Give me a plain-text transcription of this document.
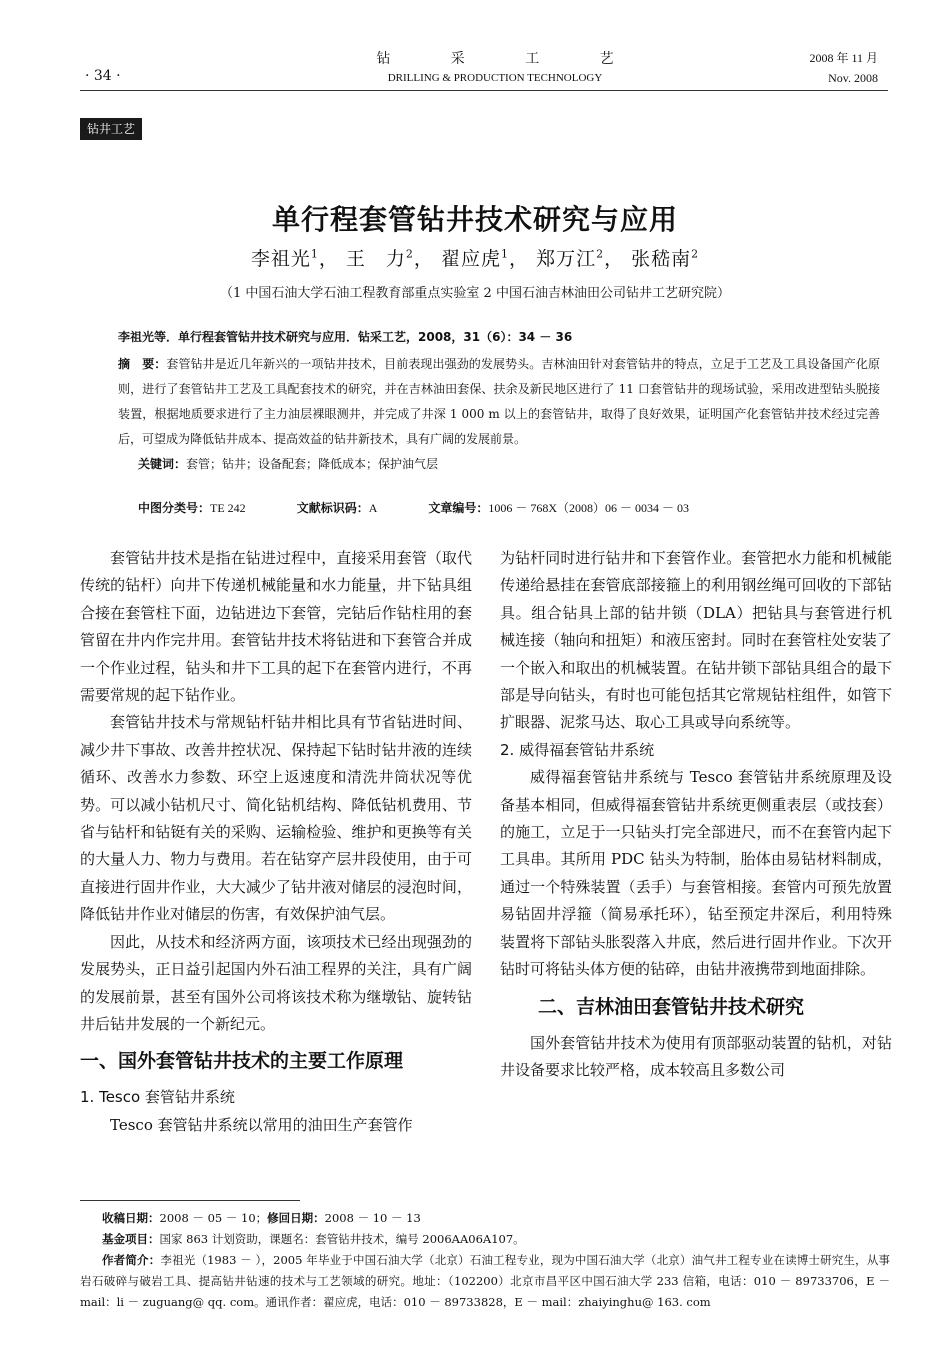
· 34 ·
钻 采 工 艺
DRILLING & PRODUCTION TECHNOLOGY
2008 年 11 月
Nov. 2008
钻井工艺
单行程套管钻井技术研究与应用
李祖光$^1$， 王　力$^2$， 翟应虎$^1$， 郑万江$^2$， 张嵇南$^2$
（1 中国石油大学石油工程教育部重点实验室 2 中国石油吉林油田公司钻井工艺研究院）
李祖光等．单行程套管钻井技术研究与应用．钻采工艺，2008，31（6）：34 － 36
摘　要：套管钻井是近几年新兴的一项钻井技术，目前表现出强劲的发展势头。吉林油田针对套管钻井的特点，立足于工艺及工具设备国产化原则，进行了套管钻井工艺及工具配套技术的研究，并在吉林油田套保、扶余及新民地区进行了 11 口套管钻井的现场试验，采用改进型钻头脱接装置，根据地质要求进行了主力油层裸眼测井，并完成了井深 1 000 m 以上的套管钻井，取得了良好效果，证明国产化套管钻井技术经过完善后，可望成为降低钻井成本、提高效益的钻井新技术，具有广阔的发展前景。
关键词：套管；钻井；设备配套；降低成本；保护油气层
中图分类号：TE 242	文献标识码：A	文章编号：1006 － 768X（2008）06 － 0034 － 03

套管钻井技术是指在钻进过程中，直接采用套管（取代传统的钻杆）向井下传递机械能量和水力能量，井下钻具组合接在套管柱下面，边钻进边下套管，完钻后作钻柱用的套管留在井内作完井用。套管钻井技术将钻进和下套管合并成一个作业过程，钻头和井下工具的起下在套管内进行，不再需要常规的起下钻作业。

套管钻井技术与常规钻杆钻井相比具有节省钻进时间、减少井下事故、改善井控状况、保持起下钻时钻井液的连续循环、改善水力参数、环空上返速度和清洗井筒状况等优势。可以减小钻机尺寸、简化钻机结构、降低钻机费用、节省与钻杆和钻铤有关的采购、运输检验、维护和更换等有关的大量人力、物力与费用。若在钻穿产层井段使用，由于可直接进行固井作业，大大减少了钻井液对储层的浸泡时间，降低钻井作业对储层的伤害，有效保护油气层。

因此，从技术和经济两方面，该项技术已经出现强劲的发展势头，正日益引起国内外石油工程界的关注，具有广阔的发展前景，甚至有国外公司将该技术称为继墩钻、旋转钻井后钻井发展的一个新纪元。

一、国外套管钻井技术的主要工作原理
1. Tesco 套管钻井系统

Tesco 套管钻井系统以常用的油田生产套管作

为钻杆同时进行钻井和下套管作业。套管把水力能和机械能传递给悬挂在套管底部接箍上的利用钢丝绳可回收的下部钻具。组合钻具上部的钻井锁（DLA）把钻具与套管进行机械连接（轴向和扭矩）和液压密封。同时在套管柱处安装了一个嵌入和取出的机械装置。在钻井锁下部钻具组合的最下部是导向钻头，有时也可能包括其它常规钻柱组件，如管下扩眼器、泥浆马达、取心工具或导向系统等。

2. 威得福套管钻井系统

威得福套管钻井系统与 Tesco 套管钻井系统原理及设备基本相同，但威得福套管钻井系统更侧重表层（或技套）的施工，立足于一只钻头打完全部进尺，而不在套管内起下工具串。其所用 PDC 钻头为特制，胎体由易钻材料制成，通过一个特殊装置（丢手）与套管相接。套管内可预先放置易钻固井浮箍（简易承托环），钻至预定井深后，利用特殊装置将下部钻头胀裂落入井底，然后进行固井作业。下次开钻时可将钻头体方便的钻碎，由钻井液携带到地面排除。

二、吉林油田套管钻井技术研究

国外套管钻井技术为使用有顶部驱动装置的钻机，对钻井设备要求比较严格，成本较高且多数公司

收稿日期：2008 － 05 － 10；修回日期：2008 － 10 － 13

基金项目：国家 863 计划资助，课题名：套管钻井技术，编号 2006AA06A107。

作者简介：李祖光（1983 － ），2005 年毕业于中国石油大学（北京）石油工程专业，现为中国石油大学（北京）油气井工程专业在读博士研究生，从事岩石破碎与破岩工具、提高钻井钻速的技术与工艺领域的研究。地址：（102200）北京市昌平区中国石油大学 233 信箱，电话：010 － 89733706，E － mail：li － zuguang@ qq. com。通讯作者：翟应虎，电话：010 － 89733828，E － mail：zhaiyinghu@ 163. com
